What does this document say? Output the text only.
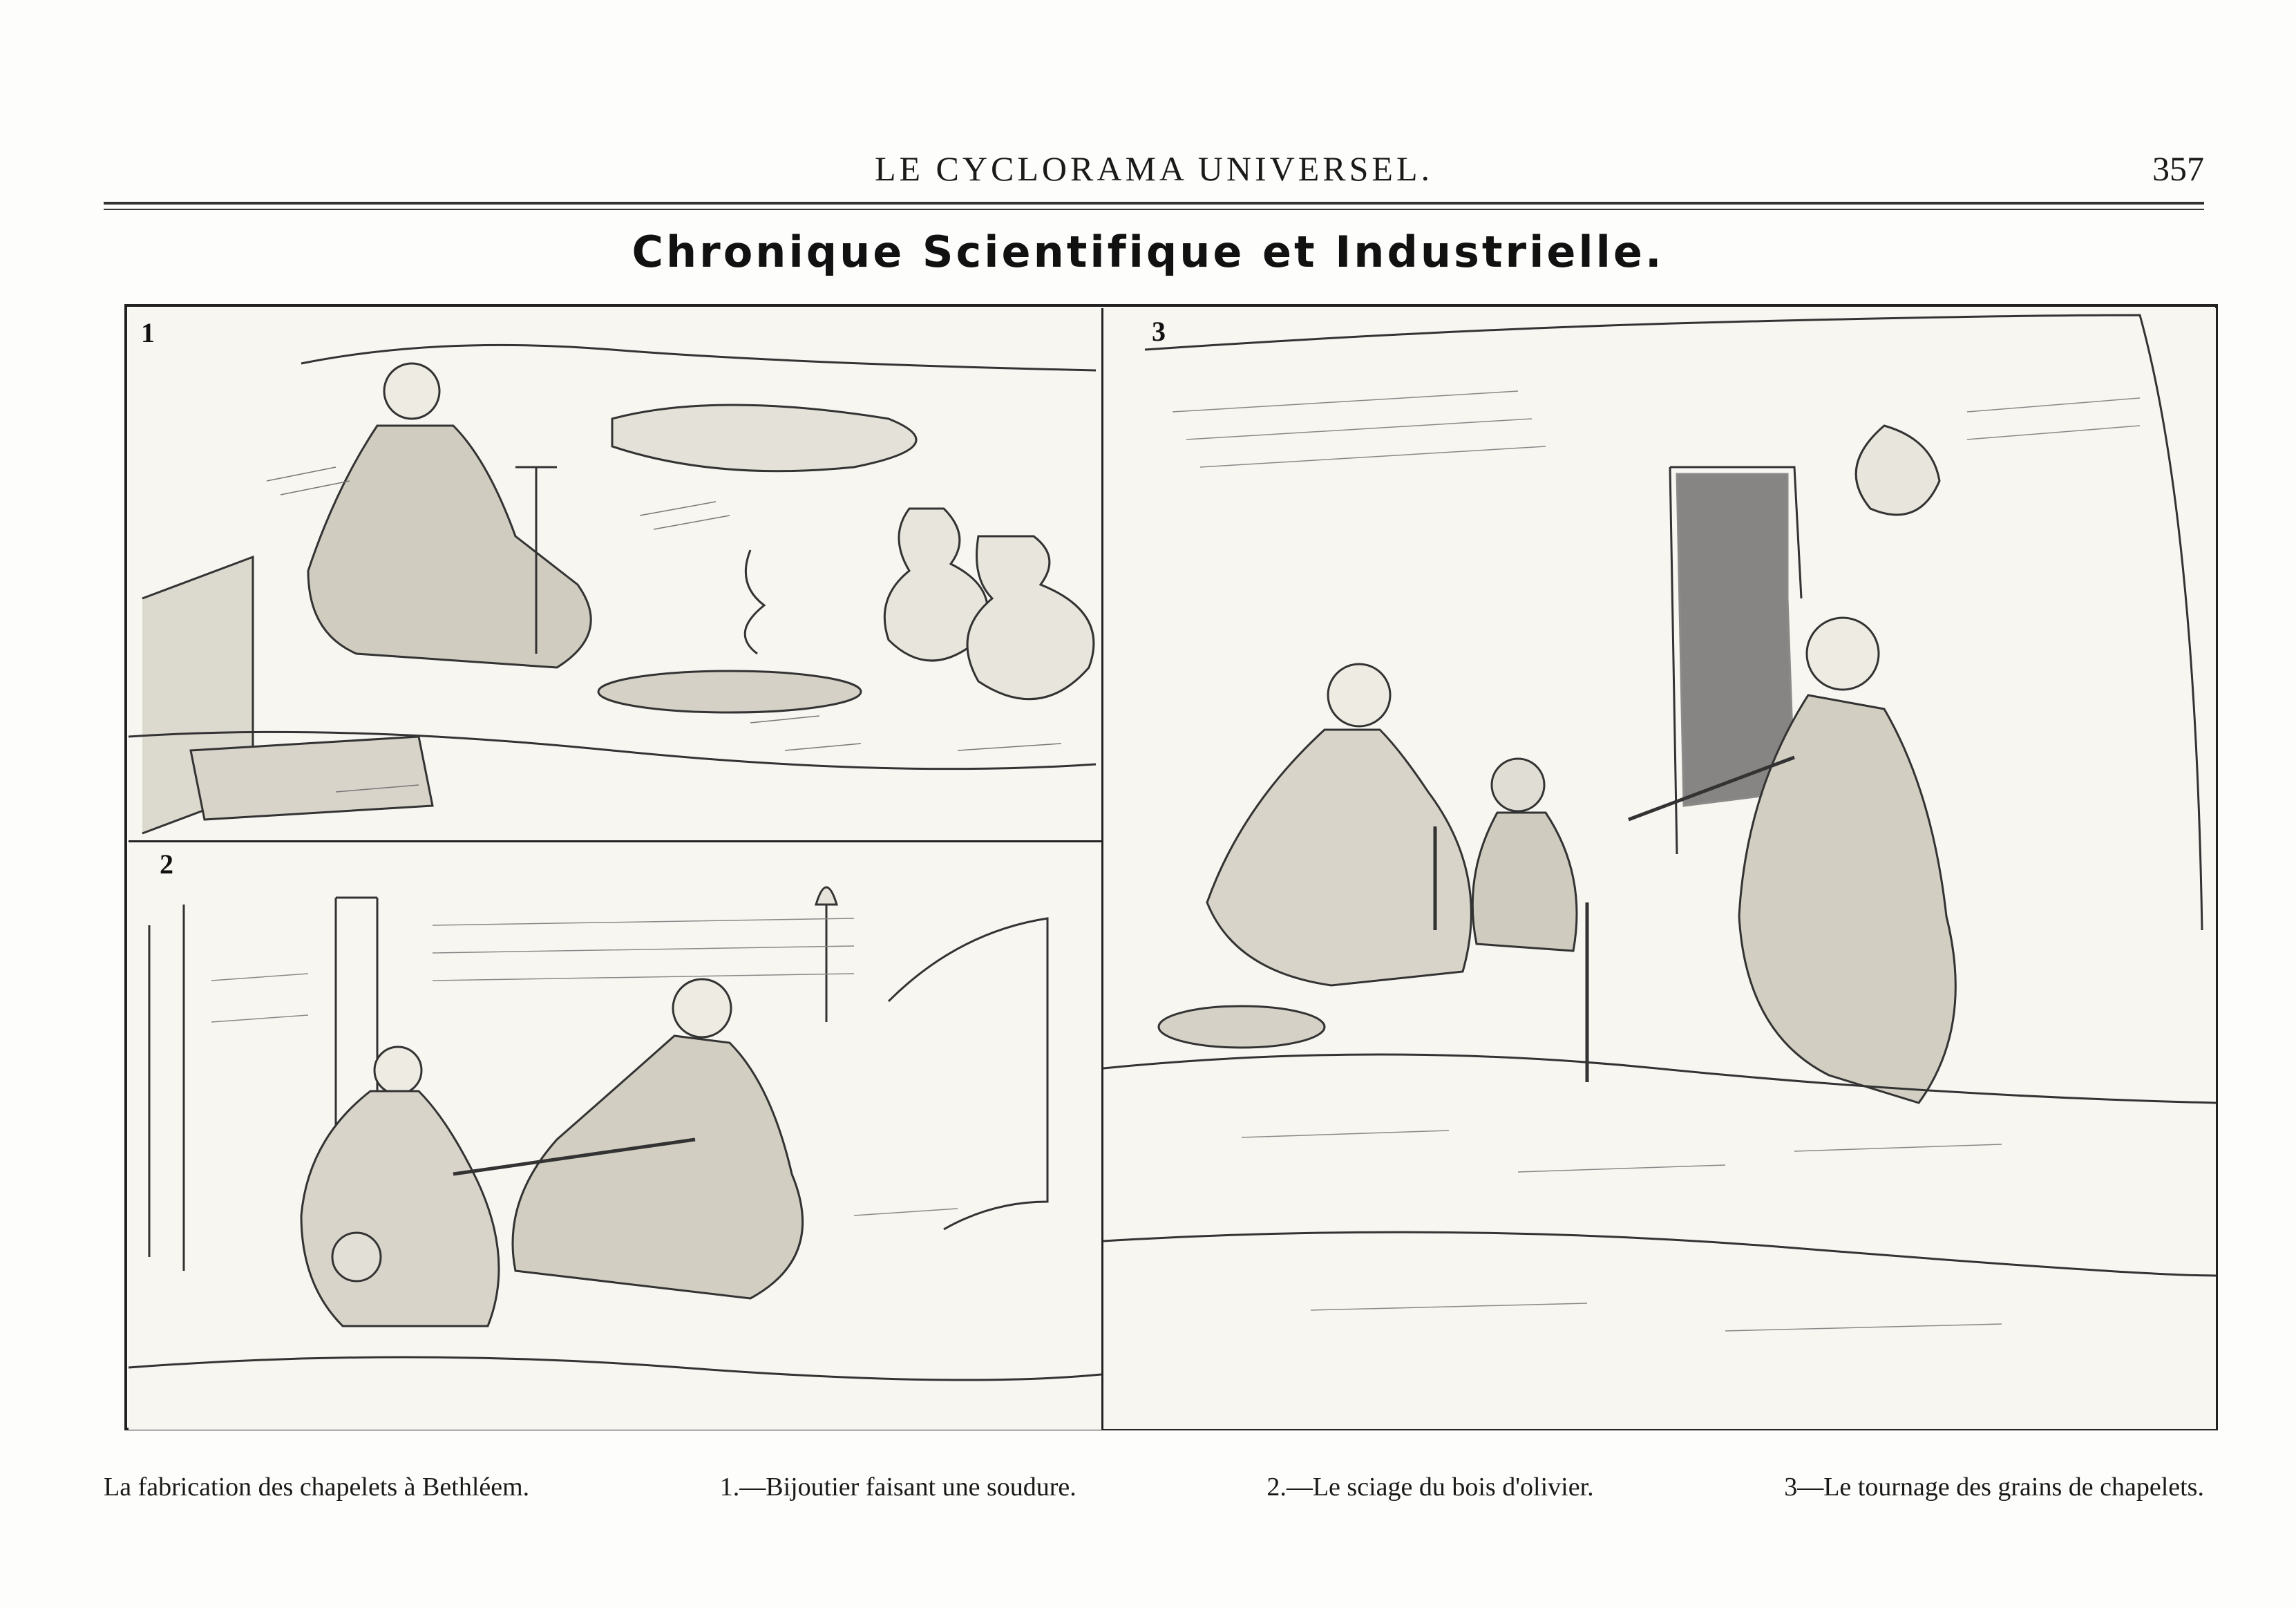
LE CYCLORAMA UNIVERSEL.	357
Chronique Scientifique et Industrielle.
1
2
3
La fabrication des chapelets à Bethléem.	1.—Bijoutier faisant une soudure.	2.—Le sciage du bois d'olivier.	3—Le tournage des grains de chapelets.
